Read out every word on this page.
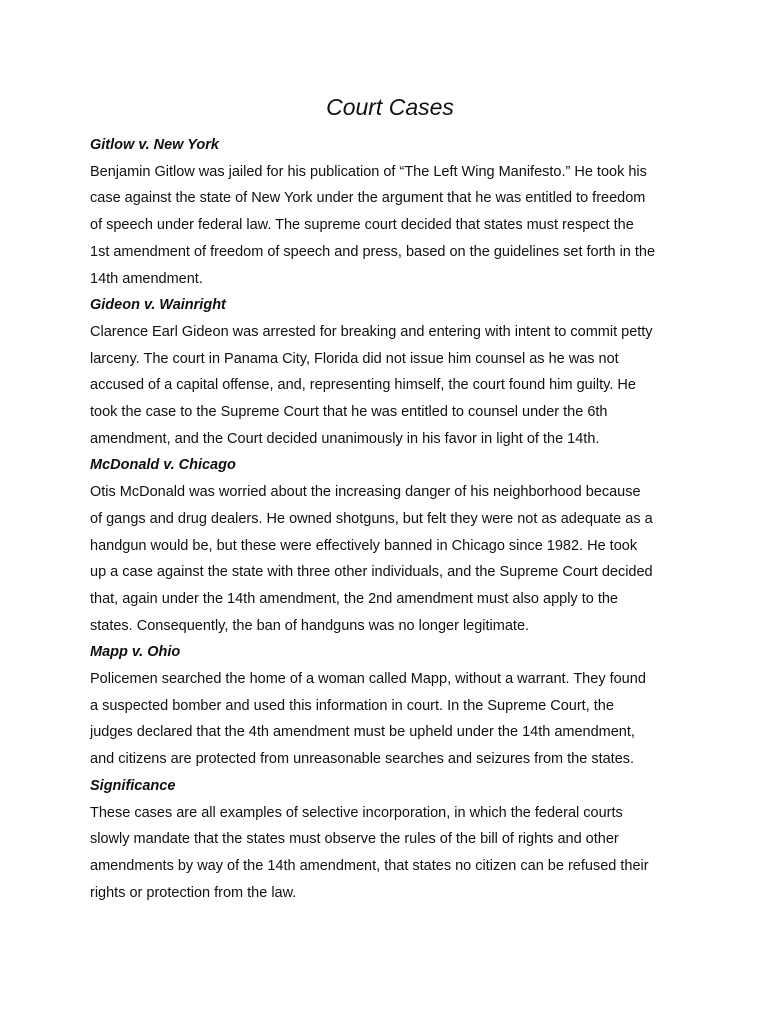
Court Cases

Gitlow v. New York

Benjamin Gitlow was jailed for his publication of “The Left Wing Manifesto.” He took his
case against the state of New York under the argument that he was entitled to freedom
of speech under federal law. The supreme court decided that states must respect the
1st amendment of freedom of speech and press, based on the guidelines set forth in the
14th amendment.

Gideon v. Wainright

Clarence Earl Gideon was arrested for breaking and entering with intent to commit petty
larceny. The court in Panama City, Florida did not issue him counsel as he was not
accused of a capital offense, and, representing himself, the court found him guilty. He
took the case to the Supreme Court that he was entitled to counsel under the 6th
amendment, and the Court decided unanimously in his favor in light of the 14th.

McDonald v. Chicago

Otis McDonald was worried about the increasing danger of his neighborhood because
of gangs and drug dealers. He owned shotguns, but felt they were not as adequate as a
handgun would be, but these were effectively banned in Chicago since 1982. He took
up a case against the state with three other individuals, and the Supreme Court decided
that, again under the 14th amendment, the 2nd amendment must also apply to the
states. Consequently, the ban of handguns was no longer legitimate.

Mapp v. Ohio

Policemen searched the home of a woman called Mapp, without a warrant. They found
a suspected bomber and used this information in court. In the Supreme Court, the
judges declared that the 4th amendment must be upheld under the 14th amendment,
and citizens are protected from unreasonable searches and seizures from the states.

Significance

These cases are all examples of selective incorporation, in which the federal courts
slowly mandate that the states must observe the rules of the bill of rights and other
amendments by way of the 14th amendment, that states no citizen can be refused their
rights or protection from the law.
